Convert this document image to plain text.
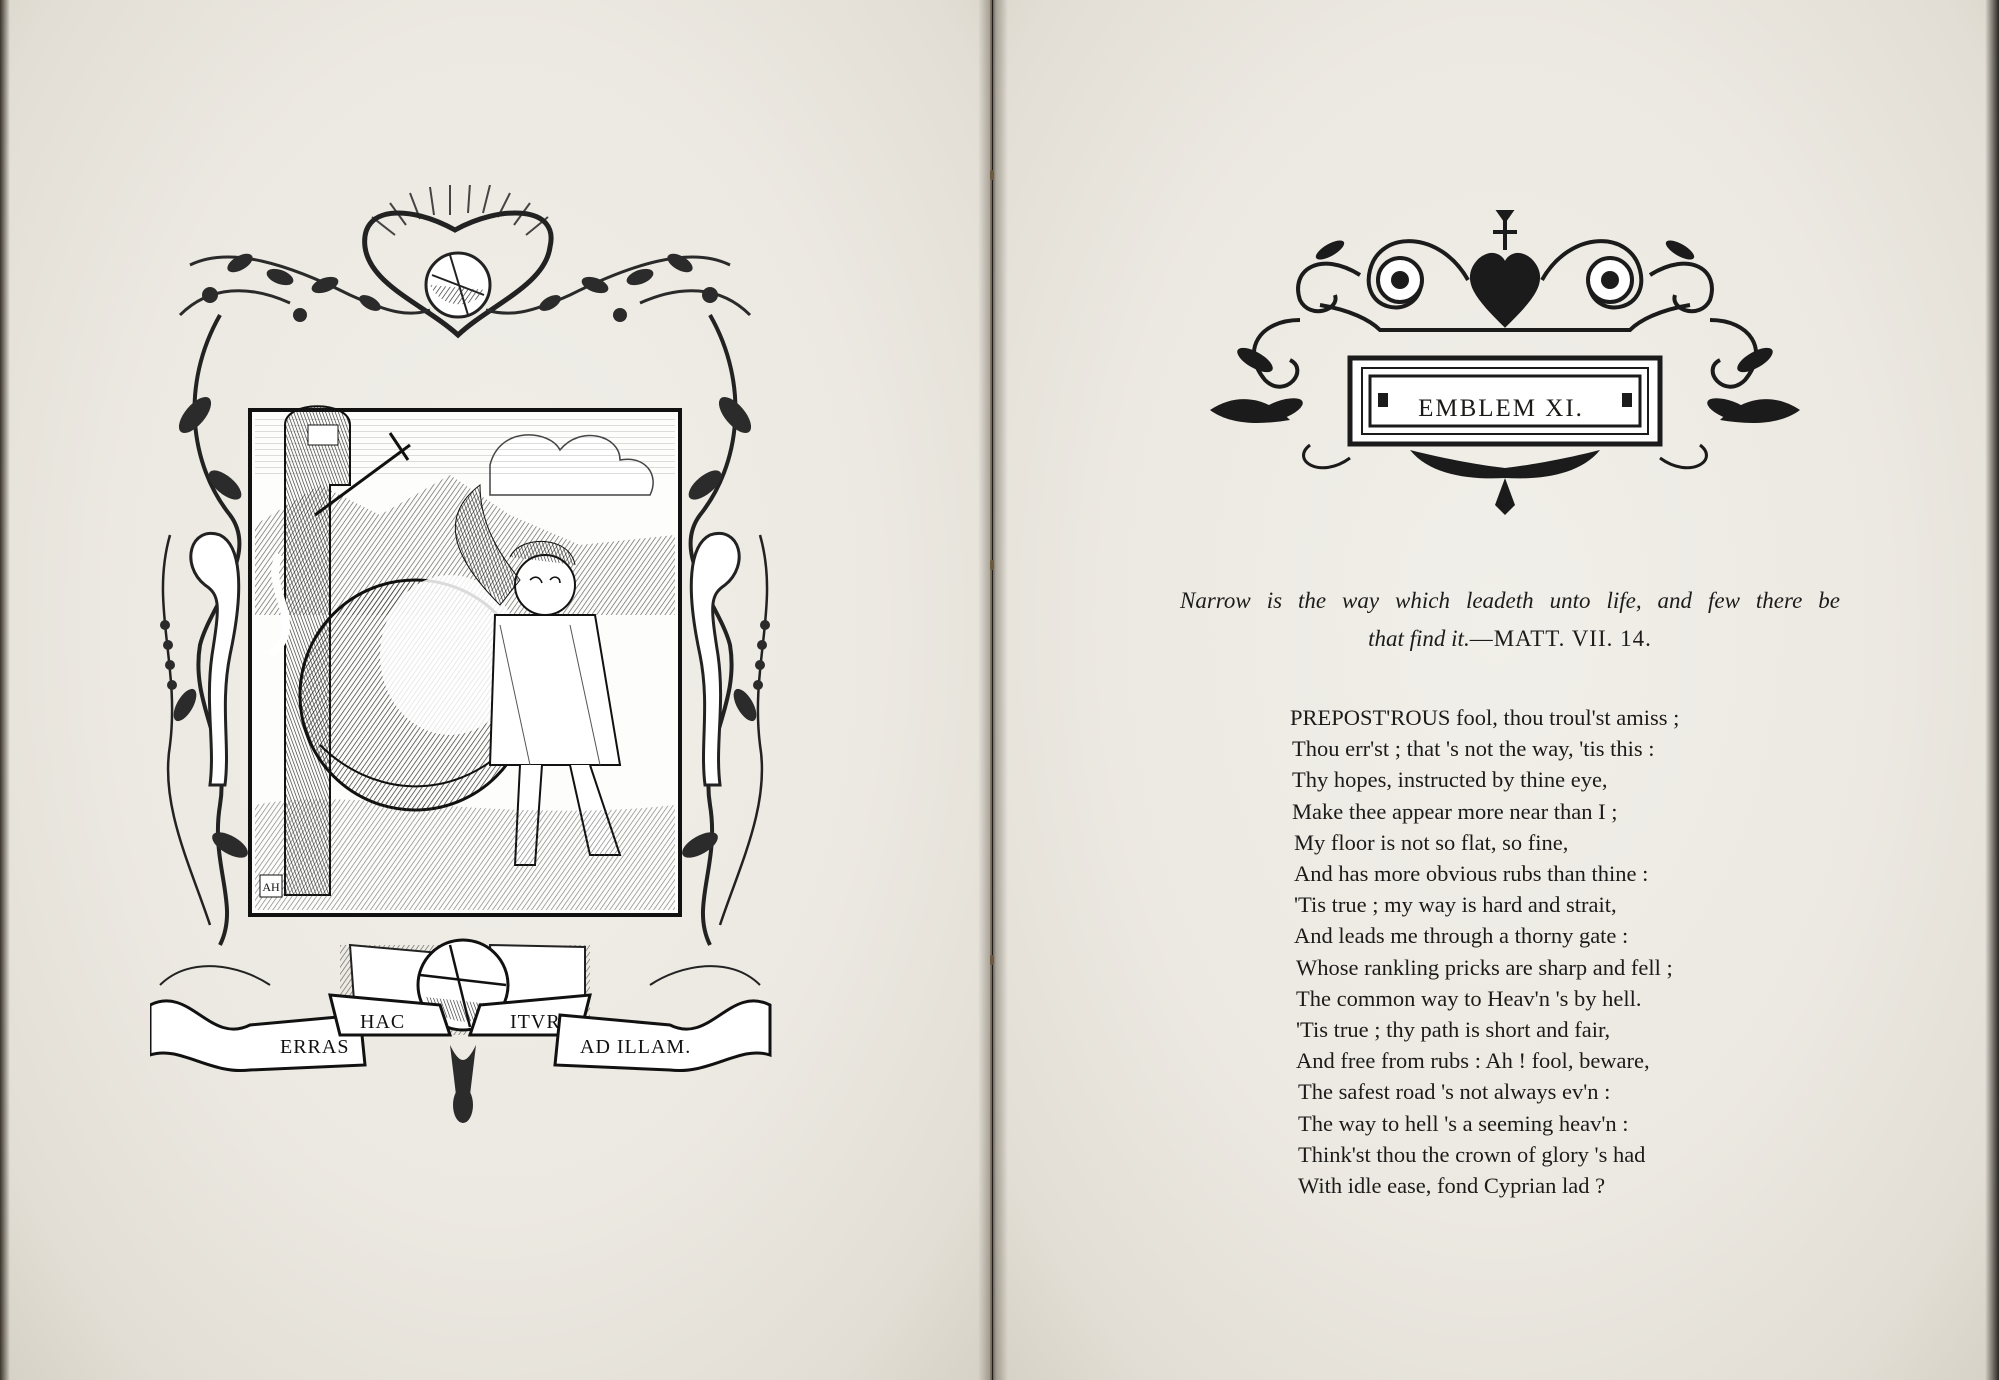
AH
ERRAS
HAC	ITVR
AD ILLAM.
EMBLEM XI.
Narrow is the way which leadeth unto life, and few there be
that find it.—MATT. VII. 14.
PREPOST'ROUS fool, thou troul'st amiss ;
Thou err'st ; that 's not the way, 'tis this :
Thy hopes, instructed by thine eye,
Make thee appear more near than I ;
My floor is not so flat, so fine,
And has more obvious rubs than thine :
'Tis true ; my way is hard and strait,
And leads me through a thorny gate :
Whose rankling pricks are sharp and fell ;
The common way to Heav'n 's by hell.
'Tis true ; thy path is short and fair,
And free from rubs : Ah ! fool, beware,
The safest road 's not always ev'n :
The way to hell 's a seeming heav'n :
Think'st thou the crown of glory 's had
With idle ease, fond Cyprian lad ?
